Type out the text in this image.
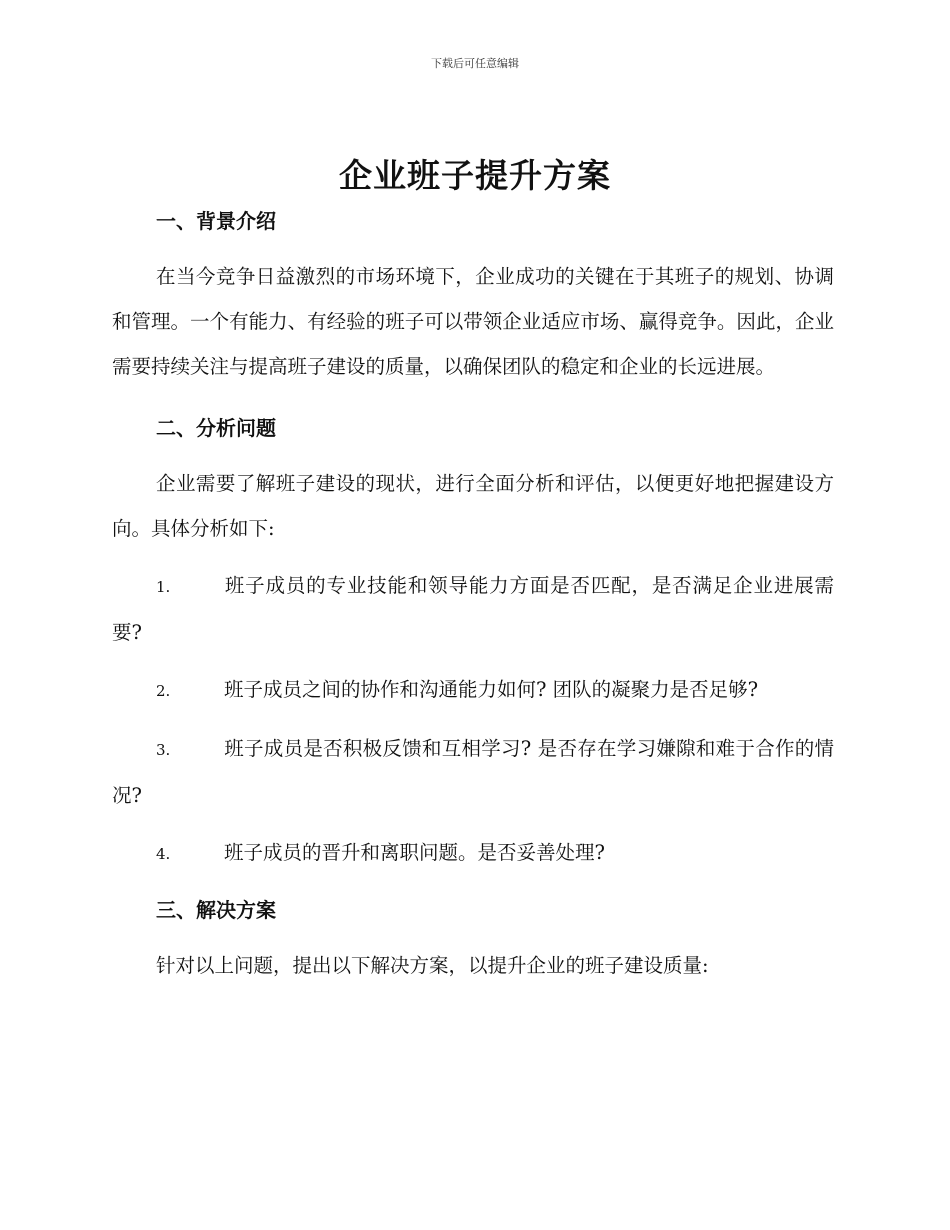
下载后可任意编辑
企业班子提升方案
一、背景介绍

在当今竞争日益激烈的市场环境下，企业成功的关键在于其班子的规划、协调和管理。一个有能力、有经验的班子可以带领企业适应市场、赢得竞争。因此，企业需要持续关注与提高班子建设的质量，以确保团队的稳定和企业的长远进展。

二、分析问题

企业需要了解班子建设的现状，进行全面分析和评估，以便更好地把握建设方向。具体分析如下:

1.	班子成员的专业技能和领导能力方面是否匹配，是否满足企业进展需要?

2.	班子成员之间的协作和沟通能力如何? 团队的凝聚力是否足够?

3.	班子成员是否积极反馈和互相学习? 是否存在学习嫌隙和难于合作的情况?

4.	班子成员的晋升和离职问题。是否妥善处理?

三、解决方案

针对以上问题，提出以下解决方案，以提升企业的班子建设质量:
